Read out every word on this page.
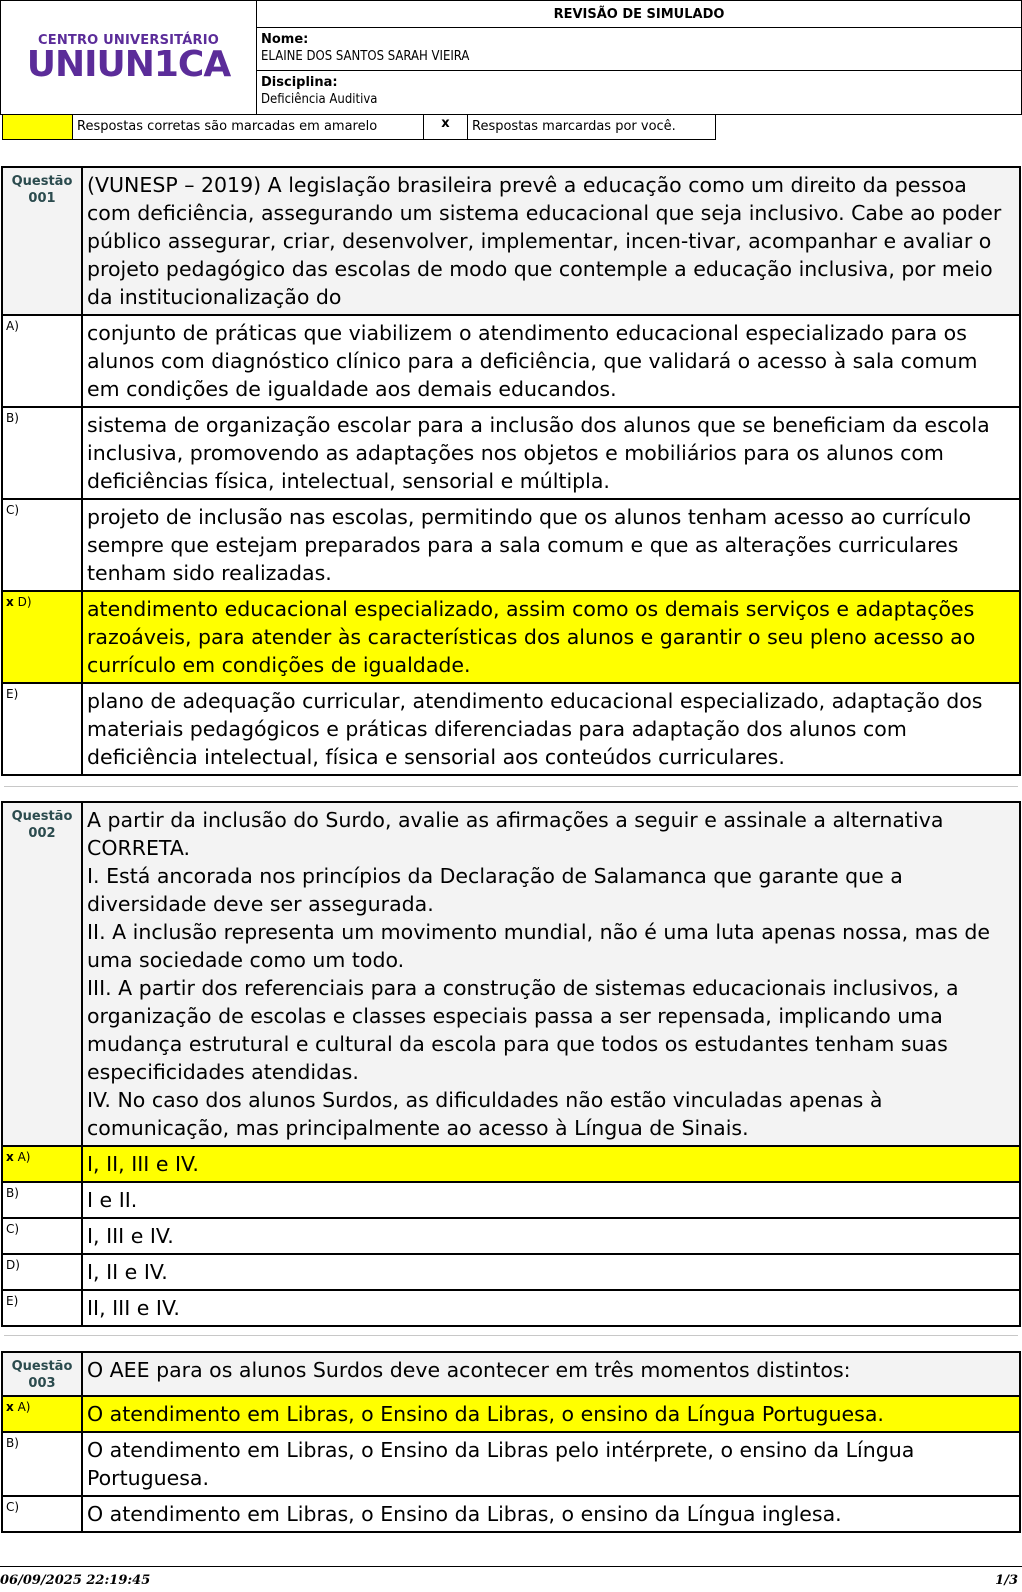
CENTRO UNIVERSITÁRIO
UNIUN1CA
REVISÃO DE SIMULADO
Nome:
ELAINE DOS SANTOS SARAH VIEIRA
Disciplina:
Deficiência Auditiva
Respostas corretas são marcadas em amarelo	x	Respostas marcardas por você.
Questão 001	(VUNESP – 2019) A legislação brasileira prevê a educação como um direito da pessoa com deficiência, assegurando um sistema educacional que seja inclusivo. Cabe ao poder público assegurar, criar, desenvolver, implementar, incen-tivar, acompanhar e avaliar o projeto pedagógico das escolas de modo que contemple a educação inclusiva, por meio da institucionalização do
A)	conjunto de práticas que viabilizem o atendimento educacional especializado para os alunos com diagnóstico clínico para a deficiência, que validará o acesso à sala comum em condições de igualdade aos demais educandos.
B)	sistema de organização escolar para a inclusão dos alunos que se beneficiam da escola inclusiva, promovendo as adaptações nos objetos e mobiliários para os alunos com deficiências física, intelectual, sensorial e múltipla.
C)	projeto de inclusão nas escolas, permitindo que os alunos tenham acesso ao currículo sempre que estejam preparados para a sala comum e que as alterações curriculares tenham sido realizadas.
x D)	atendimento educacional especializado, assim como os demais serviços e adaptações razoáveis, para atender às características dos alunos e garantir o seu pleno acesso ao currículo em condições de igualdade.
E)	plano de adequação curricular, atendimento educacional especializado, adaptação dos materiais pedagógicos e práticas diferenciadas para adaptação dos alunos com deficiência intelectual, física e sensorial aos conteúdos curriculares.
Questão 002	A partir da inclusão do Surdo, avalie as afirmações a seguir e assinale a alternativa CORRETA.
I. Está ancorada nos princípios da Declaração de Salamanca que garante que a diversidade deve ser assegurada.
II. A inclusão representa um movimento mundial, não é uma luta apenas nossa, mas de uma sociedade como um todo.
III. A partir dos referenciais para a construção de sistemas educacionais inclusivos, a organização de escolas e classes especiais passa a ser repensada, implicando uma mudança estrutural e cultural da escola para que todos os estudantes tenham suas especificidades atendidas.
IV. No caso dos alunos Surdos, as dificuldades não estão vinculadas apenas à comunicação, mas principalmente ao acesso à Língua de Sinais.

x A)	I, II, III e IV.
B)	I e II.
C)	I, III e IV.
D)	I, II e IV.
E)	II, III e IV.
Questão 003	O AEE para os alunos Surdos deve acontecer em três momentos distintos:
x A)	O atendimento em Libras, o Ensino da Libras, o ensino da Língua Portuguesa.
B)	O atendimento em Libras, o Ensino da Libras pelo intérprete, o ensino da Língua Portuguesa.
C)	O atendimento em Libras, o Ensino da Libras, o ensino da Língua inglesa.
06/09/2025 22:19:45	1/3
